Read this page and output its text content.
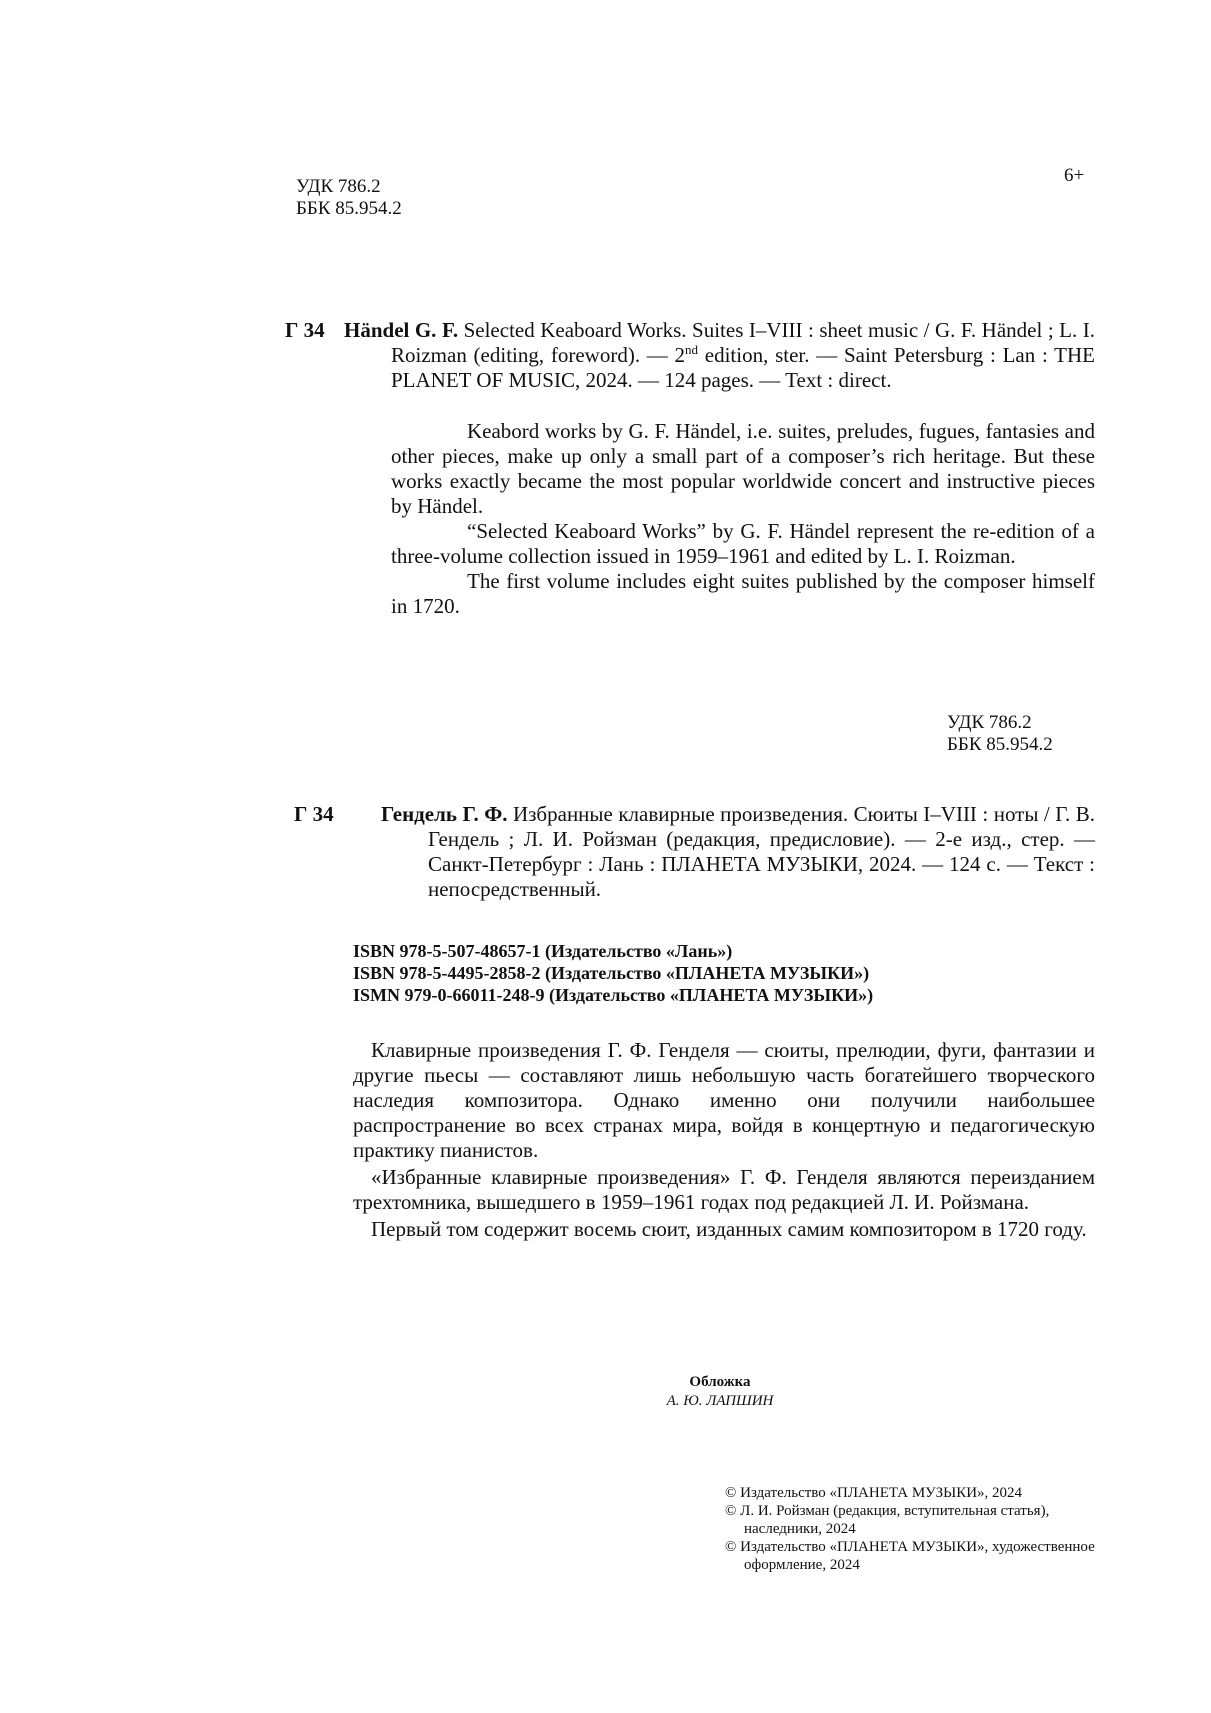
УДК 786.2
ББК 85.954.2
6+
Г 34 Händel G. F. Selected Keaboard Works. Suites I–VIII : sheet music / G. F. Händel ; L. I. Roizman (editing, foreword). — 2nd edition, ster. — Saint Petersburg : Lan : THE PLANET OF MUSIC, 2024. — 124 pages. — Text : direct.

Keabord works by G. F. Händel, i.e. suites, preludes, fugues, fantasies and other pieces, make up only a small part of a composer’s rich heritage. But these works exactly became the most popular worldwide concert and instructive pieces by Händel.

“Selected Keaboard Works” by G. F. Händel represent the re-edition of a three-volume collection issued in 1959–1961 and edited by L. I. Roizman.

The first volume includes eight suites published by the composer himself in 1720.

УДК 786.2
ББК 85.954.2
Г 34 Гендель Г. Ф. Избранные клавирные произведения. Сюиты I–VIII : ноты / Г. В. Гендель ; Л. И. Ройзман (редакция, предисловие). — 2-е изд., стер. — Санкт-Петербург : Лань : ПЛАНЕТА МУЗЫКИ, 2024. — 124 с. — Текст : непосредственный.

ISBN 978-5-507-48657-1 (Издательство «Лань»)
ISBN 978-5-4495-2858-2 (Издательство «ПЛАНЕТА МУЗЫКИ»)
ISMN 979-0-66011-248-9 (Издательство «ПЛАНЕТА МУЗЫКИ»)

Клавирные произведения Г. Ф. Генделя — сюиты, прелюдии, фуги, фантазии и другие пьесы — составляют лишь небольшую часть богатейшего творческого наследия композитора. Однако именно они получили наибольшее распространение во всех странах мира, войдя в концертную и педагогическую практику пианистов.

«Избранные клавирные произведения» Г. Ф. Генделя являются переизданием трехтомника, вышедшего в 1959–1961 годах под редакцией Л. И. Ройзмана.

Первый том содержит восемь сюит, изданных самим композитором в 1720 году.

Обложка
А. Ю. ЛАПШИН

© Издательство «ПЛАНЕТА МУЗЫКИ», 2024

© Л. И. Ройзман (редакция, вступительная статья), наследники, 2024

© Издательство «ПЛАНЕТА МУЗЫКИ», художественное оформление, 2024
